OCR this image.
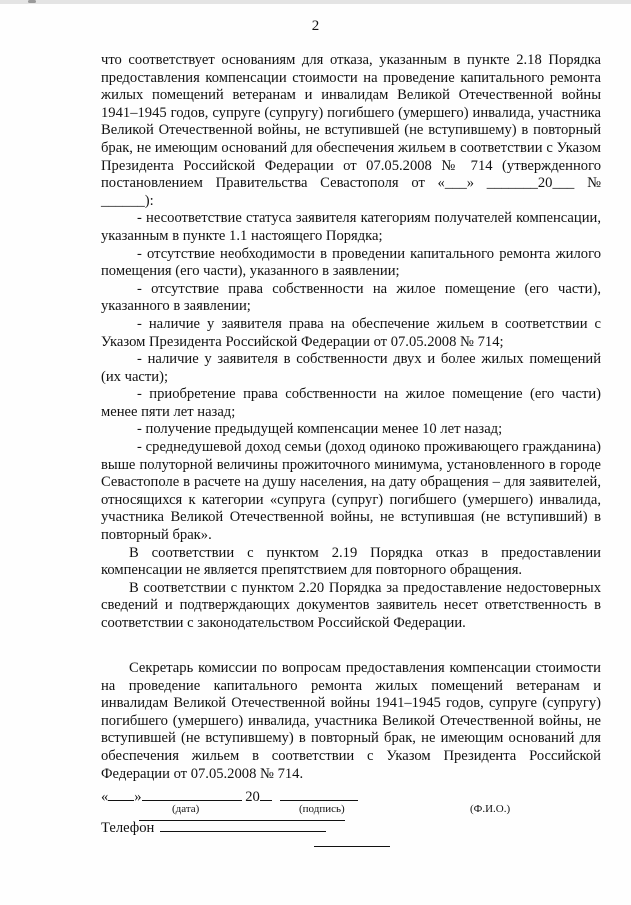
2

что соответствует основаниям для отказа, указанным в пункте 2.18 Порядка предоставления компенсации стоимости на проведение капитального ремонта жилых помещений ветеранам и инвалидам Великой Отечественной войны 1941–1945 годов, супруге (супругу) погибшего (умершего) инвалида, участника Великой Отечественной войны, не вступившей (не вступившему) в повторный брак, не имеющим оснований для обеспечения жильем в соответствии с Указом Президента Российской Федерации от 07.05.2008 № 714 (утвержденного постановлением Правительства Севастополя от «___» _______20___ № ______):

- несоответствие статуса заявителя категориям получателей компенсации, указанным в пункте 1.1 настоящего Порядка;

- отсутствие необходимости в проведении капитального ремонта жилого помещения (его части), указанного в заявлении;

- отсутствие права собственности на жилое помещение (его части), указанного в заявлении;

- наличие у заявителя права на обеспечение жильем в соответствии с Указом Президента Российской Федерации от 07.05.2008 № 714;

- наличие у заявителя в собственности двух и более жилых помещений (их части);

- приобретение права собственности на жилое помещение (его части) менее пяти лет назад;

- получение предыдущей компенсации менее 10 лет назад;

- среднедушевой доход семьи (доход одиноко проживающего гражданина) выше полуторной величины прожиточного минимума, установленного в городе Севастополе в расчете на душу населения, на дату обращения – для заявителей, относящихся к категории «супруга (супруг) погибшего (умершего) инвалида, участника Великой Отечественной войны, не вступившая (не вступивший) в повторный брак».

В соответствии с пунктом 2.19 Порядка отказ в предоставлении компенсации не является препятствием для повторного обращения.

В соответствии с пунктом 2.20 Порядка за предоставление недостоверных сведений и подтверждающих документов заявитель несет ответственность в соответствии с законодательством Российской Федерации.

Секретарь комиссии по вопросам предоставления компенсации стоимости на проведение капитального ремонта жилых помещений ветеранам и инвалидам Великой Отечественной войны 1941–1945 годов, супруге (супругу) погибшего (умершего) инвалида, участника Великой Отечественной войны, не вступившей (не вступившему) в повторный брак, не имеющим оснований для обеспечения жильем в соответствии с Указом Президента Российской Федерации от 07.05.2008 № 714.

« »	20
(дата)	(подпись)	(Ф.И.О.)
Телефон
